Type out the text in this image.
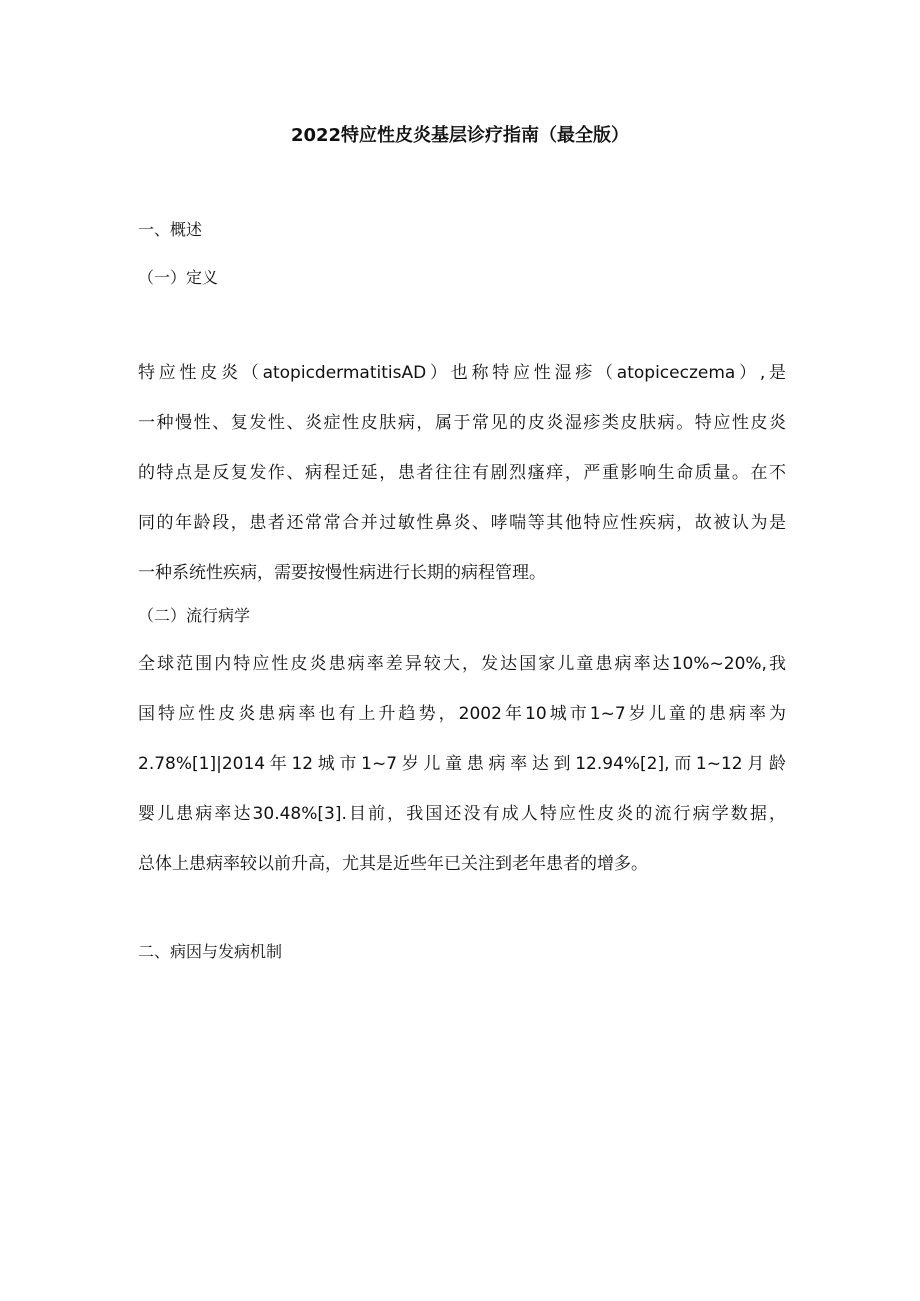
2022特应性皮炎基层诊疗指南（最全版）
一、概述
（一）定义
特应性皮炎（atopicdermatitisAD）也称特应性湿疹（atopiceczema）,是
一种慢性、复发性、炎症性皮肤病，属于常见的皮炎湿疹类皮肤病。特应性皮炎
的特点是反复发作、病程迁延，患者往往有剧烈瘙痒，严重影响生命质量。在不
同的年龄段，患者还常常合并过敏性鼻炎、哮喘等其他特应性疾病，故被认为是
一种系统性疾病，需要按慢性病进行长期的病程管理。
（二）流行病学
全球范围内特应性皮炎患病率差异较大，发达国家儿童患病率达10%~20%,我
国特应性皮炎患病率也有上升趋势，2002年10城市1~7岁儿童的患病率为
2.78%[1]|2014年12城市1~7岁儿童患病率达到12.94%[2],而1~12月龄
婴儿患病率达30.48%[3].目前，我国还没有成人特应性皮炎的流行病学数据，
总体上患病率较以前升高，尤其是近些年已关注到老年患者的增多。
二、病因与发病机制
